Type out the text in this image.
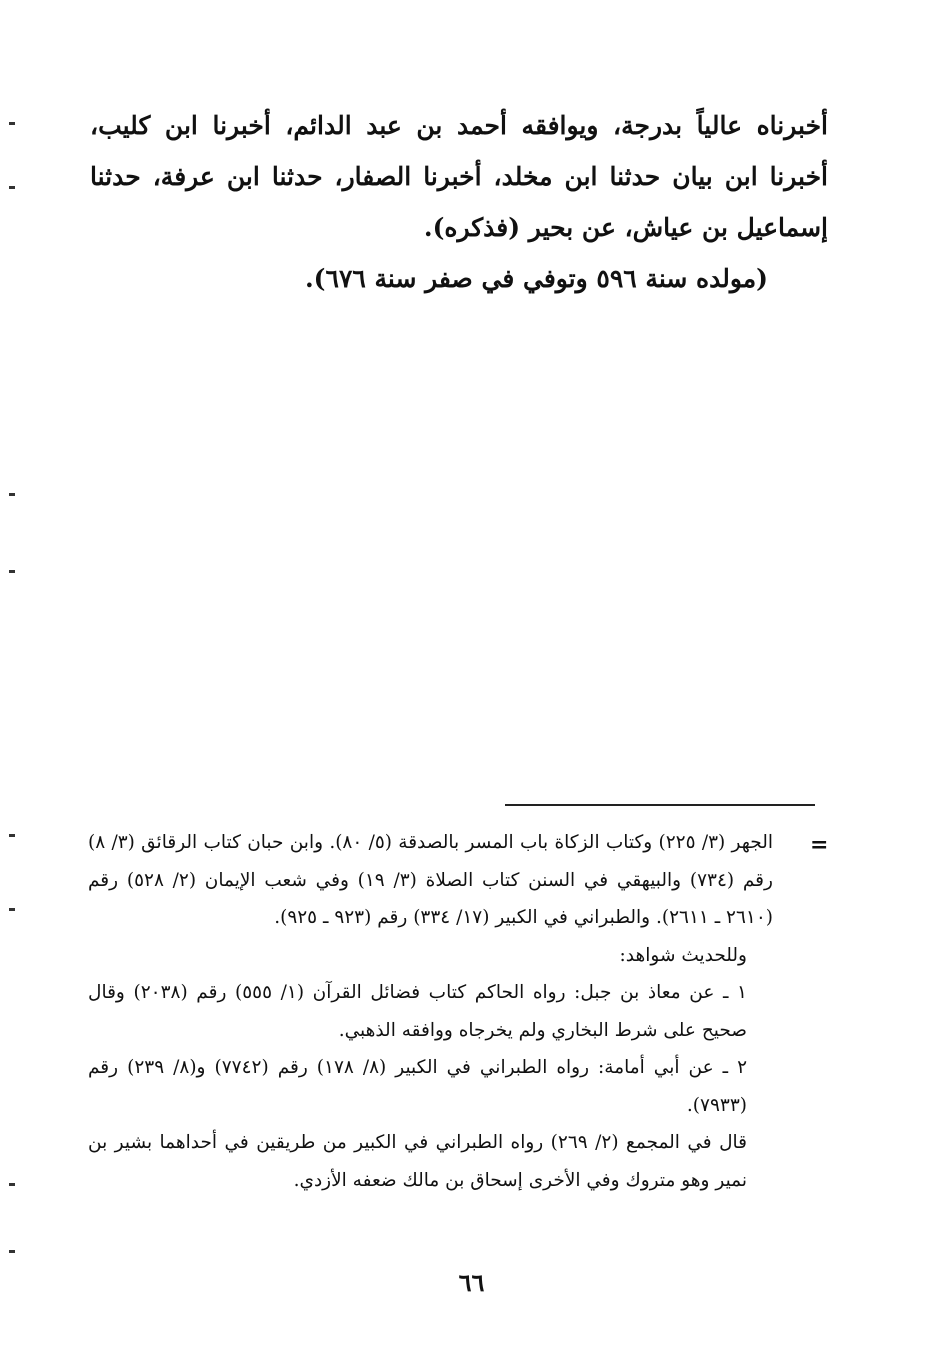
أخبرناه عالياً بدرجة، ويوافقه أحمد بن عبد الدائم، أخبرنا ابن كليب، أخبرنا ابن بيان حدثنا ابن مخلد، أخبرنا الصفار، حدثنا ابن عرفة، حدثنا إسماعيل بن عياش، عن بحير (فذكره).

(مولده سنة ٥٩٦ وتوفي في صفر سنة ٦٧٦).

=

الجهر (٣/ ٢٢٥) وكتاب الزكاة باب المسر بالصدقة (٥/ ٨٠). وابن حبان كتاب الرقائق (٣/ ٨) رقم (٧٣٤) والبيهقي في السنن كتاب الصلاة (٣/ ١٩) وفي شعب الإيمان (٢/ ٥٢٨) رقم (٢٦١٠ ـ ٢٦١١). والطبراني في الكبير (١٧/ ٣٣٤) رقم (٩٢٣ ـ ٩٢٥).

وللحديث شواهد:

١ ـ عن معاذ بن جبل: رواه الحاكم كتاب فضائل القرآن (١/ ٥٥٥) رقم (٢٠٣٨) وقال صحيح على شرط البخاري ولم يخرجاه ووافقه الذهبي.

٢ ـ عن أبي أمامة: رواه الطبراني في الكبير (٨/ ١٧٨) رقم (٧٧٤٢) و(٨/ ٢٣٩) رقم (٧٩٣٣).

قال في المجمع (٢/ ٢٦٩) رواه الطبراني في الكبير من طريقين في أحداهما بشير بن نمير وهو متروك وفي الأخرى إسحاق بن مالك ضعفه الأزدي.

٦٦
